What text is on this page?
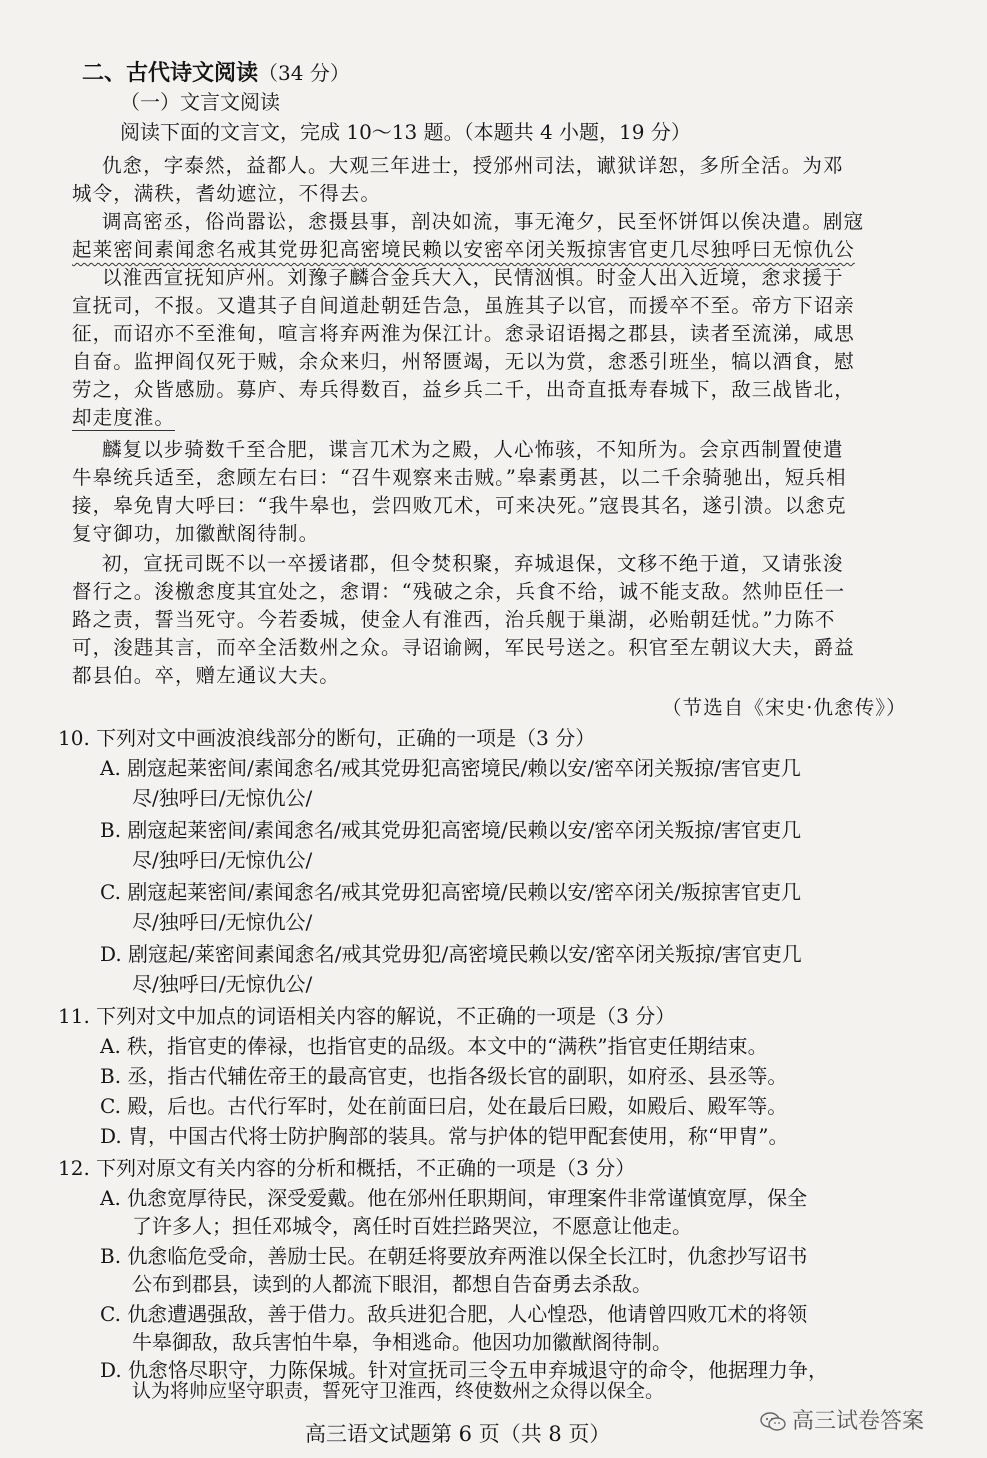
二、古代诗文阅读（34 分）
（一）文言文阅读
阅读下面的文言文，完成 10～13 题。（本题共 4 小题，19 分）
仇悆，字泰然，益都人。大观三年进士，授邠州司法，谳狱详恕，多所全活。为邓
城令，满秩，耆幼遮泣，不得去。
调高密丞，俗尚嚣讼，悆摄县事，剖决如流，事无淹夕，民至怀饼饵以俟决遣。剧寇
起莱密间素闻悆名戒其党毋犯高密境民赖以安密卒闭关叛掠害官吏几尽独呼曰无惊仇公
以淮西宣抚知庐州。刘豫子麟合金兵大入，民情汹惧。时金人出入近境，悆求援于
宣抚司，不报。又遣其子自间道赴朝廷告急，虽旌其子以官，而援卒不至。帝方下诏亲
征，而诏亦不至淮甸，喧言将弃两淮为保江计。悆录诏语揭之郡县，读者至流涕，咸思
自奋。监押阎仅死于贼，余众来归，州帑匮竭，无以为赏，悆悉引班坐，犒以酒食，慰
劳之，众皆感励。募庐、寿兵得数百，益乡兵二千，出奇直抵寿春城下，敌三战皆北，
却走度淮。
麟复以步骑数千至合肥，谍言兀术为之殿，人心怖骇，不知所为。会京西制置使遣
牛皋统兵适至，悆顾左右曰：“召牛观察来击贼。”皋素勇甚，以二千余骑驰出，短兵相
接，皋免胄大呼曰：“我牛皋也，尝四败兀术，可来决死。”寇畏其名，遂引溃。以悆克
复守御功，加徽猷阁待制。
初，宣抚司既不以一卒援诸郡，但令焚积聚，弃城退保，文移不绝于道，又请张浚
督行之。浚檄悆度其宜处之，悆谓：“残破之余，兵食不给，诚不能支敌。然帅臣任一
路之责，誓当死守。今若委城，使金人有淮西，治兵舰于巢湖，必贻朝廷忧。”力陈不
可，浚韪其言，而卒全活数州之众。寻诏谕阙，军民号送之。积官至左朝议大夫，爵益
都县伯。卒，赠左通议大夫。
（节选自《宋史·仇悆传》）
10. 下列对文中画波浪线部分的断句，正确的一项是（3 分）
A. 剧寇起莱密间/素闻悆名/戒其党毋犯高密境民/赖以安/密卒闭关叛掠/害官吏几
尽/独呼曰/无惊仇公/
B. 剧寇起莱密间/素闻悆名/戒其党毋犯高密境/民赖以安/密卒闭关叛掠/害官吏几
尽/独呼曰/无惊仇公/
C. 剧寇起莱密间/素闻悆名/戒其党毋犯高密境/民赖以安/密卒闭关/叛掠害官吏几
尽/独呼曰/无惊仇公/
D. 剧寇起/莱密间素闻悆名/戒其党毋犯/高密境民赖以安/密卒闭关叛掠/害官吏几
尽/独呼曰/无惊仇公/
11. 下列对文中加点的词语相关内容的解说，不正确的一项是（3 分）
A. 秩，指官吏的俸禄，也指官吏的品级。本文中的“满秩”指官吏任期结束。
B. 丞，指古代辅佐帝王的最高官吏，也指各级长官的副职，如府丞、县丞等。
C. 殿，后也。古代行军时，处在前面曰启，处在最后曰殿，如殿后、殿军等。
D. 胄，中国古代将士防护胸部的装具。常与护体的铠甲配套使用，称“甲胄”。
12. 下列对原文有关内容的分析和概括，不正确的一项是（3 分）
A. 仇悆宽厚待民，深受爱戴。他在邠州任职期间，审理案件非常谨慎宽厚，保全
了许多人；担任邓城令，离任时百姓拦路哭泣，不愿意让他走。
B. 仇悆临危受命，善励士民。在朝廷将要放弃两淮以保全长江时，仇悆抄写诏书
公布到郡县，读到的人都流下眼泪，都想自告奋勇去杀敌。
C. 仇悆遭遇强敌，善于借力。敌兵进犯合肥，人心惶恐，他请曾四败兀术的将领
牛皋御敌，敌兵害怕牛皋，争相逃命。他因功加徽猷阁待制。
D. 仇悆恪尽职守，力陈保城。针对宣抚司三令五申弃城退守的命令，他据理力争，
认为将帅应坚守职责，誓死守卫淮西，终使数州之众得以保全。
高三语文试题第 6 页（共 8 页）	高三试卷答案
